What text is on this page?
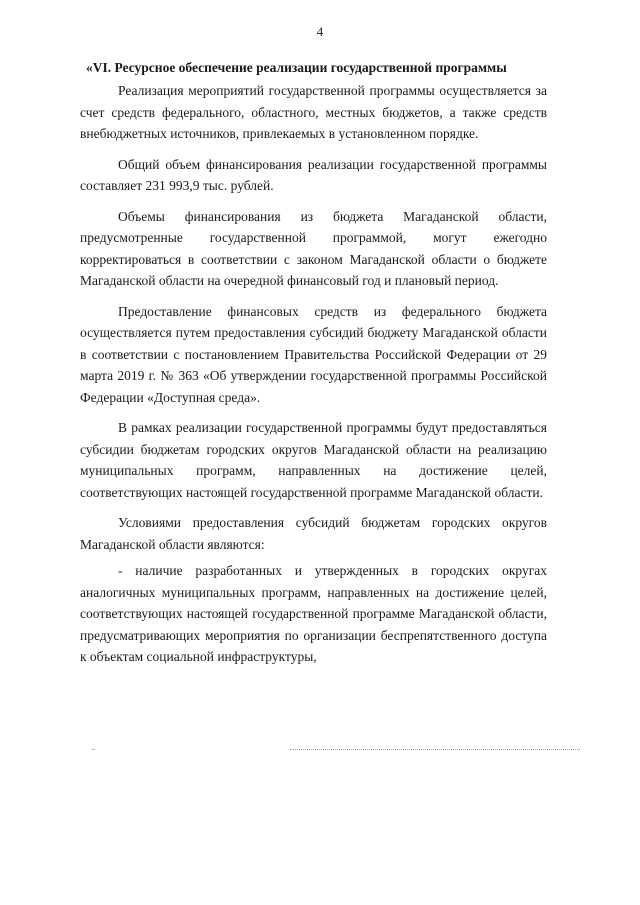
4
«VI. Ресурсное обеспечение реализации государственной программы

Реализация мероприятий государственной программы осуществляется за счет средств федерального, областного, местных бюджетов, а также средств внебюджетных источников, привлекаемых в установленном порядке.

Общий объем финансирования реализации государственной программы составляет 231 993,9 тыс. рублей.

Объемы финансирования из бюджета Магаданской области, предусмотренные государственной программой, могут ежегодно корректироваться в соответствии с законом Магаданской области о бюджете Магаданской области на очередной финансовый год и плановый период.

Предоставление финансовых средств из федерального бюджета осуществляется путем предоставления субсидий бюджету Магаданской области в соответствии с постановлением Правительства Российской Федерации от 29 марта 2019 г. № 363 «Об утверждении государственной программы Российской Федерации «Доступная среда».

В рамках реализации государственной программы будут предоставляться субсидии бюджетам городских округов Магаданской области на реализацию муниципальных программ, направленных на достижение целей, соответствующих настоящей государственной программе Магаданской области.

Условиями предоставления субсидий бюджетам городских округов Магаданской области являются:

- наличие разработанных и утвержденных в городских округах аналогичных муниципальных программ, направленных на достижение целей, соответствующих настоящей государственной программе Магаданской области, предусматривающих мероприятия по организации беспрепятственного доступа к объектам социальной инфраструктуры,
